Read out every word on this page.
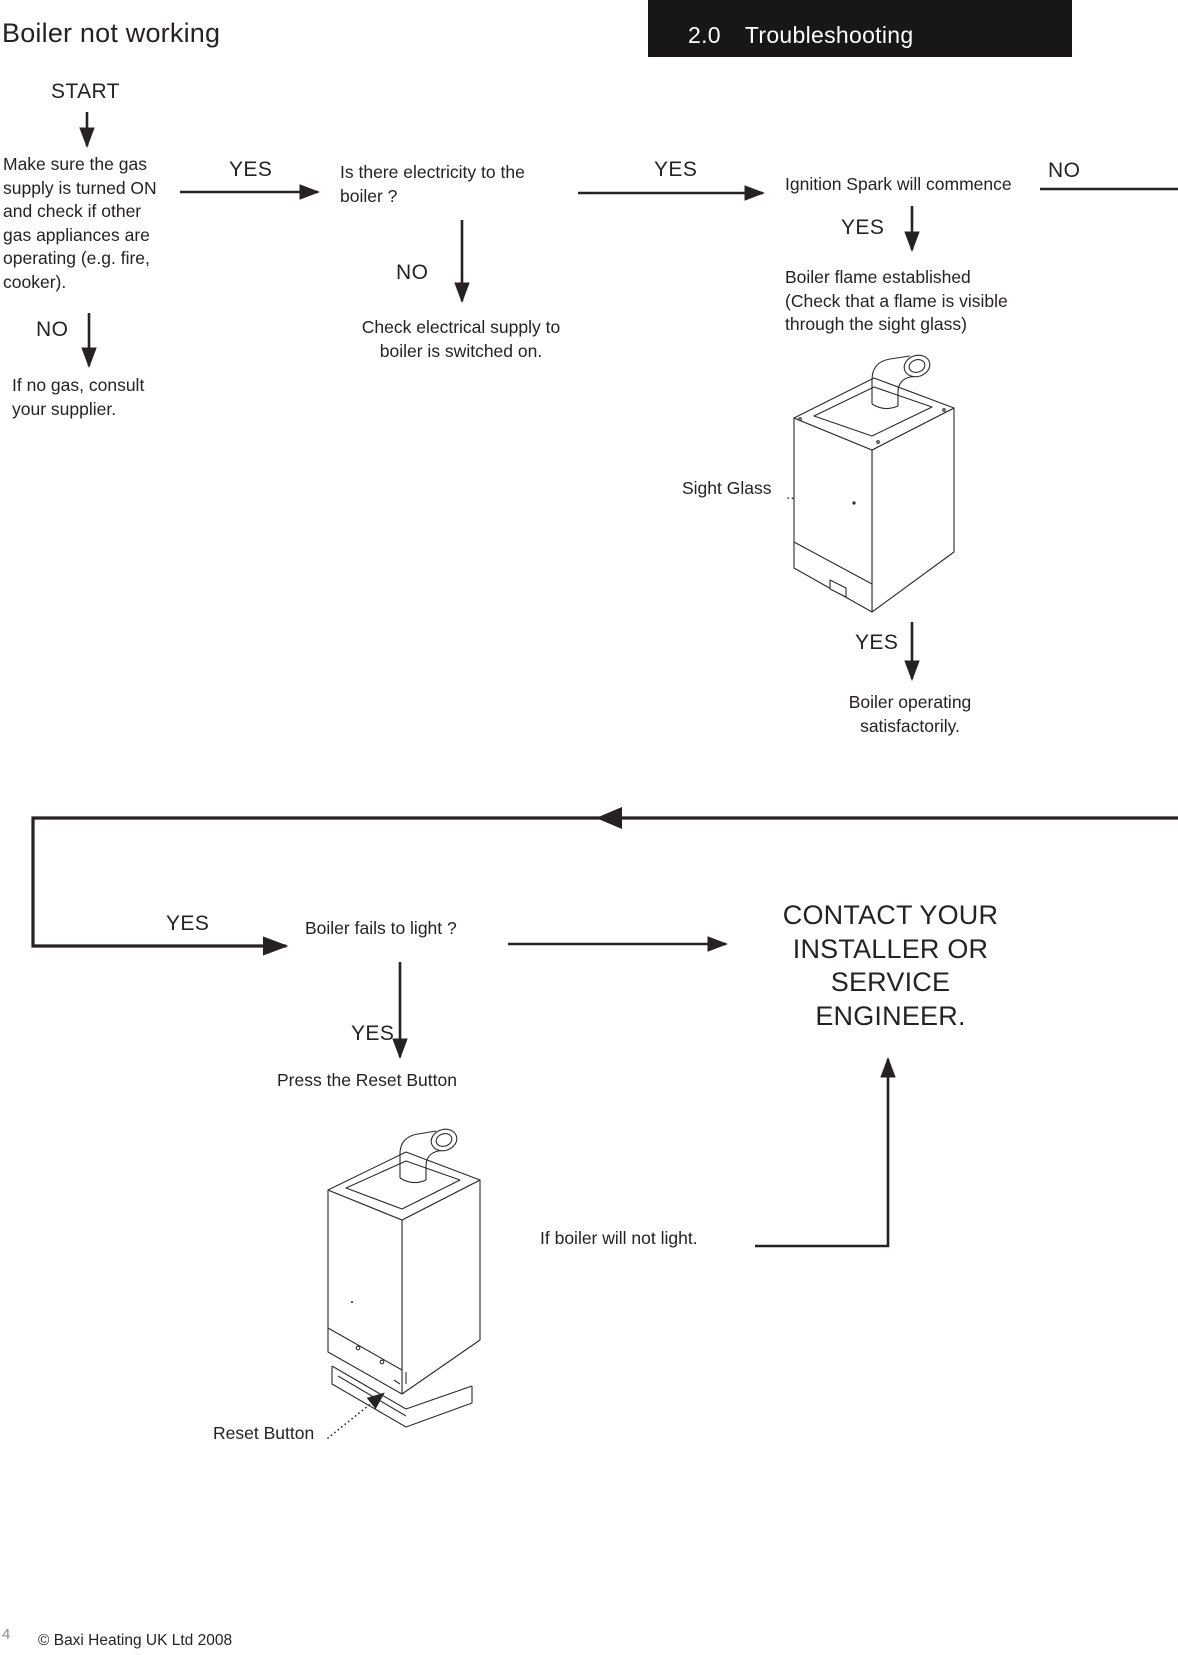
Boiler not working	2.0 Troubleshooting
START
Make sure the gas
supply is turned ON
and check if other
gas appliances are
operating (e.g. fire,
cooker).
YES	Is there electricity to the
boiler ?
NO
If no gas, consult
your supplier.
NO
Check electrical supply to
boiler is switched on.
YES
Ignition Spark will commence
NO
YES
Boiler flame established
(Check that a flame is visible
through the sight glass)
Sight Glass
YES
Boiler operating
satisfactorily.
YES	Boiler fails to light ?	CONTACT YOUR
INSTALLER OR
SERVICE
ENGINEER.
YES
Press the Reset Button
Reset Button
If boiler will not light.
4 © Baxi Heating UK Ltd 2008
